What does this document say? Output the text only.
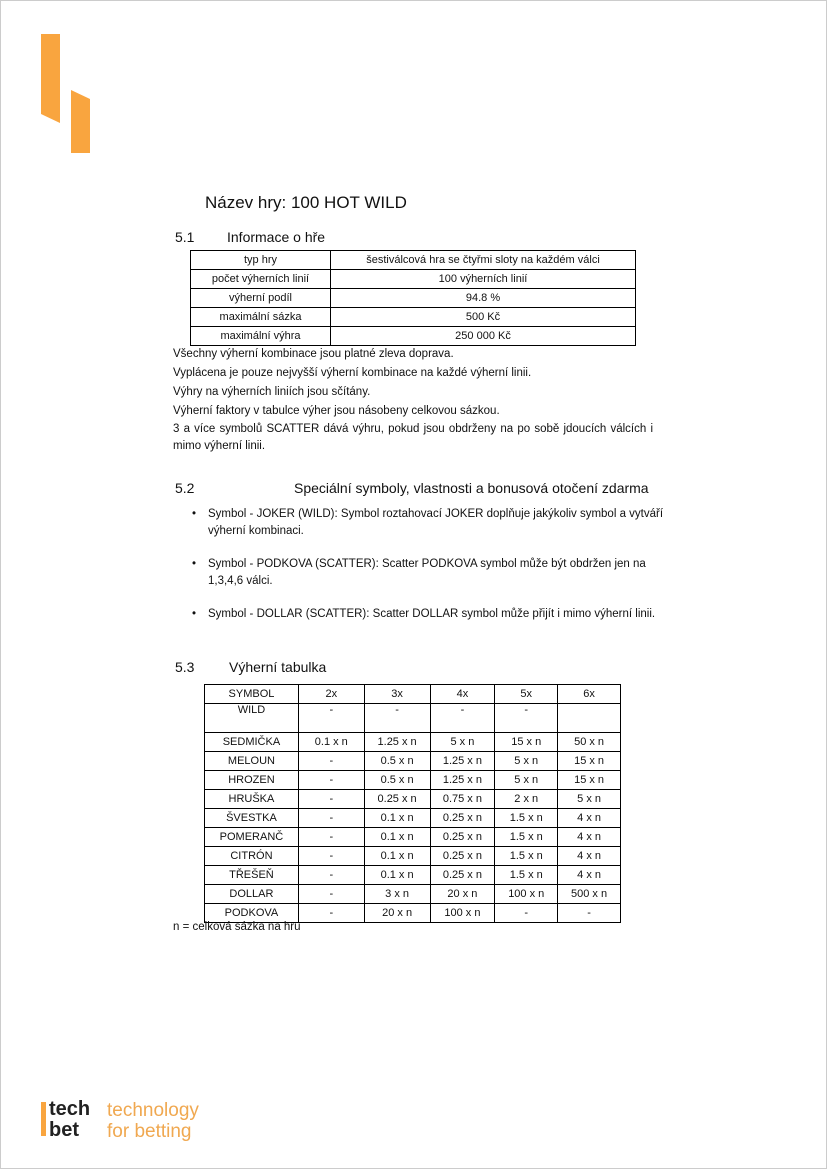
Název hry: 100 HOT WILD
5.1 Informace o hře
typ hry	šestiválcová hra se čtyřmi sloty na každém válci
počet výherních linií	100 výherních linií
výherní podíl	94.8 %
maximální sázka	500 Kč
maximální výhra	250 000 Kč
Všechny výherní kombinace jsou platné zleva doprava.
Vyplácena je pouze nejvyšší výherní kombinace na každé výherní linii.
Výhry na výherních liniích jsou sčítány.
Výherní faktory v tabulce výher jsou násobeny celkovou sázkou.
3 a více symbolů SCATTER dává výhru, pokud jsou obdrženy na po sobě jdoucích válcích i mimo výherní linii.
5.2	Speciální symboly, vlastnosti a bonusová otočení zdarma
• Symbol - JOKER (WILD): Symbol roztahovací JOKER doplňuje jakýkoliv symbol a vytváří výherní kombinaci.
• Symbol - PODKOVA (SCATTER): Scatter PODKOVA symbol může být obdržen jen na 1,3,4,6 válci.
• Symbol - DOLLAR (SCATTER): Scatter DOLLAR symbol může přijít i mimo výherní linii.
5.3 Výherní tabulka
SYMBOL	2x	3x	4x	5x	6x
WILD	-	-	-	-	
SEDMIČKA	0.1 x n	1.25 x n	5 x n	15 x n	50 x n
MELOUN	-	0.5 x n	1.25 x n	5 x n	15 x n
HROZEN	-	0.5 x n	1.25 x n	5 x n	15 x n
HRUŠKA	-	0.25 x n	0.75 x n	2 x n	5 x n
ŠVESTKA	-	0.1 x n	0.25 x n	1.5 x n	4 x n
POMERANČ	-	0.1 x n	0.25 x n	1.5 x n	4 x n
CITRÓN	-	0.1 x n	0.25 x n	1.5 x n	4 x n
TŘEŠEŇ	-	0.1 x n	0.25 x n	1.5 x n	4 x n
DOLLAR	-	3 x n	20 x n	100 x n	500 x n
PODKOVA	-	20 x n	100 x n	-	-
n = celková sázka na hru
tech
bet
technology
for betting
